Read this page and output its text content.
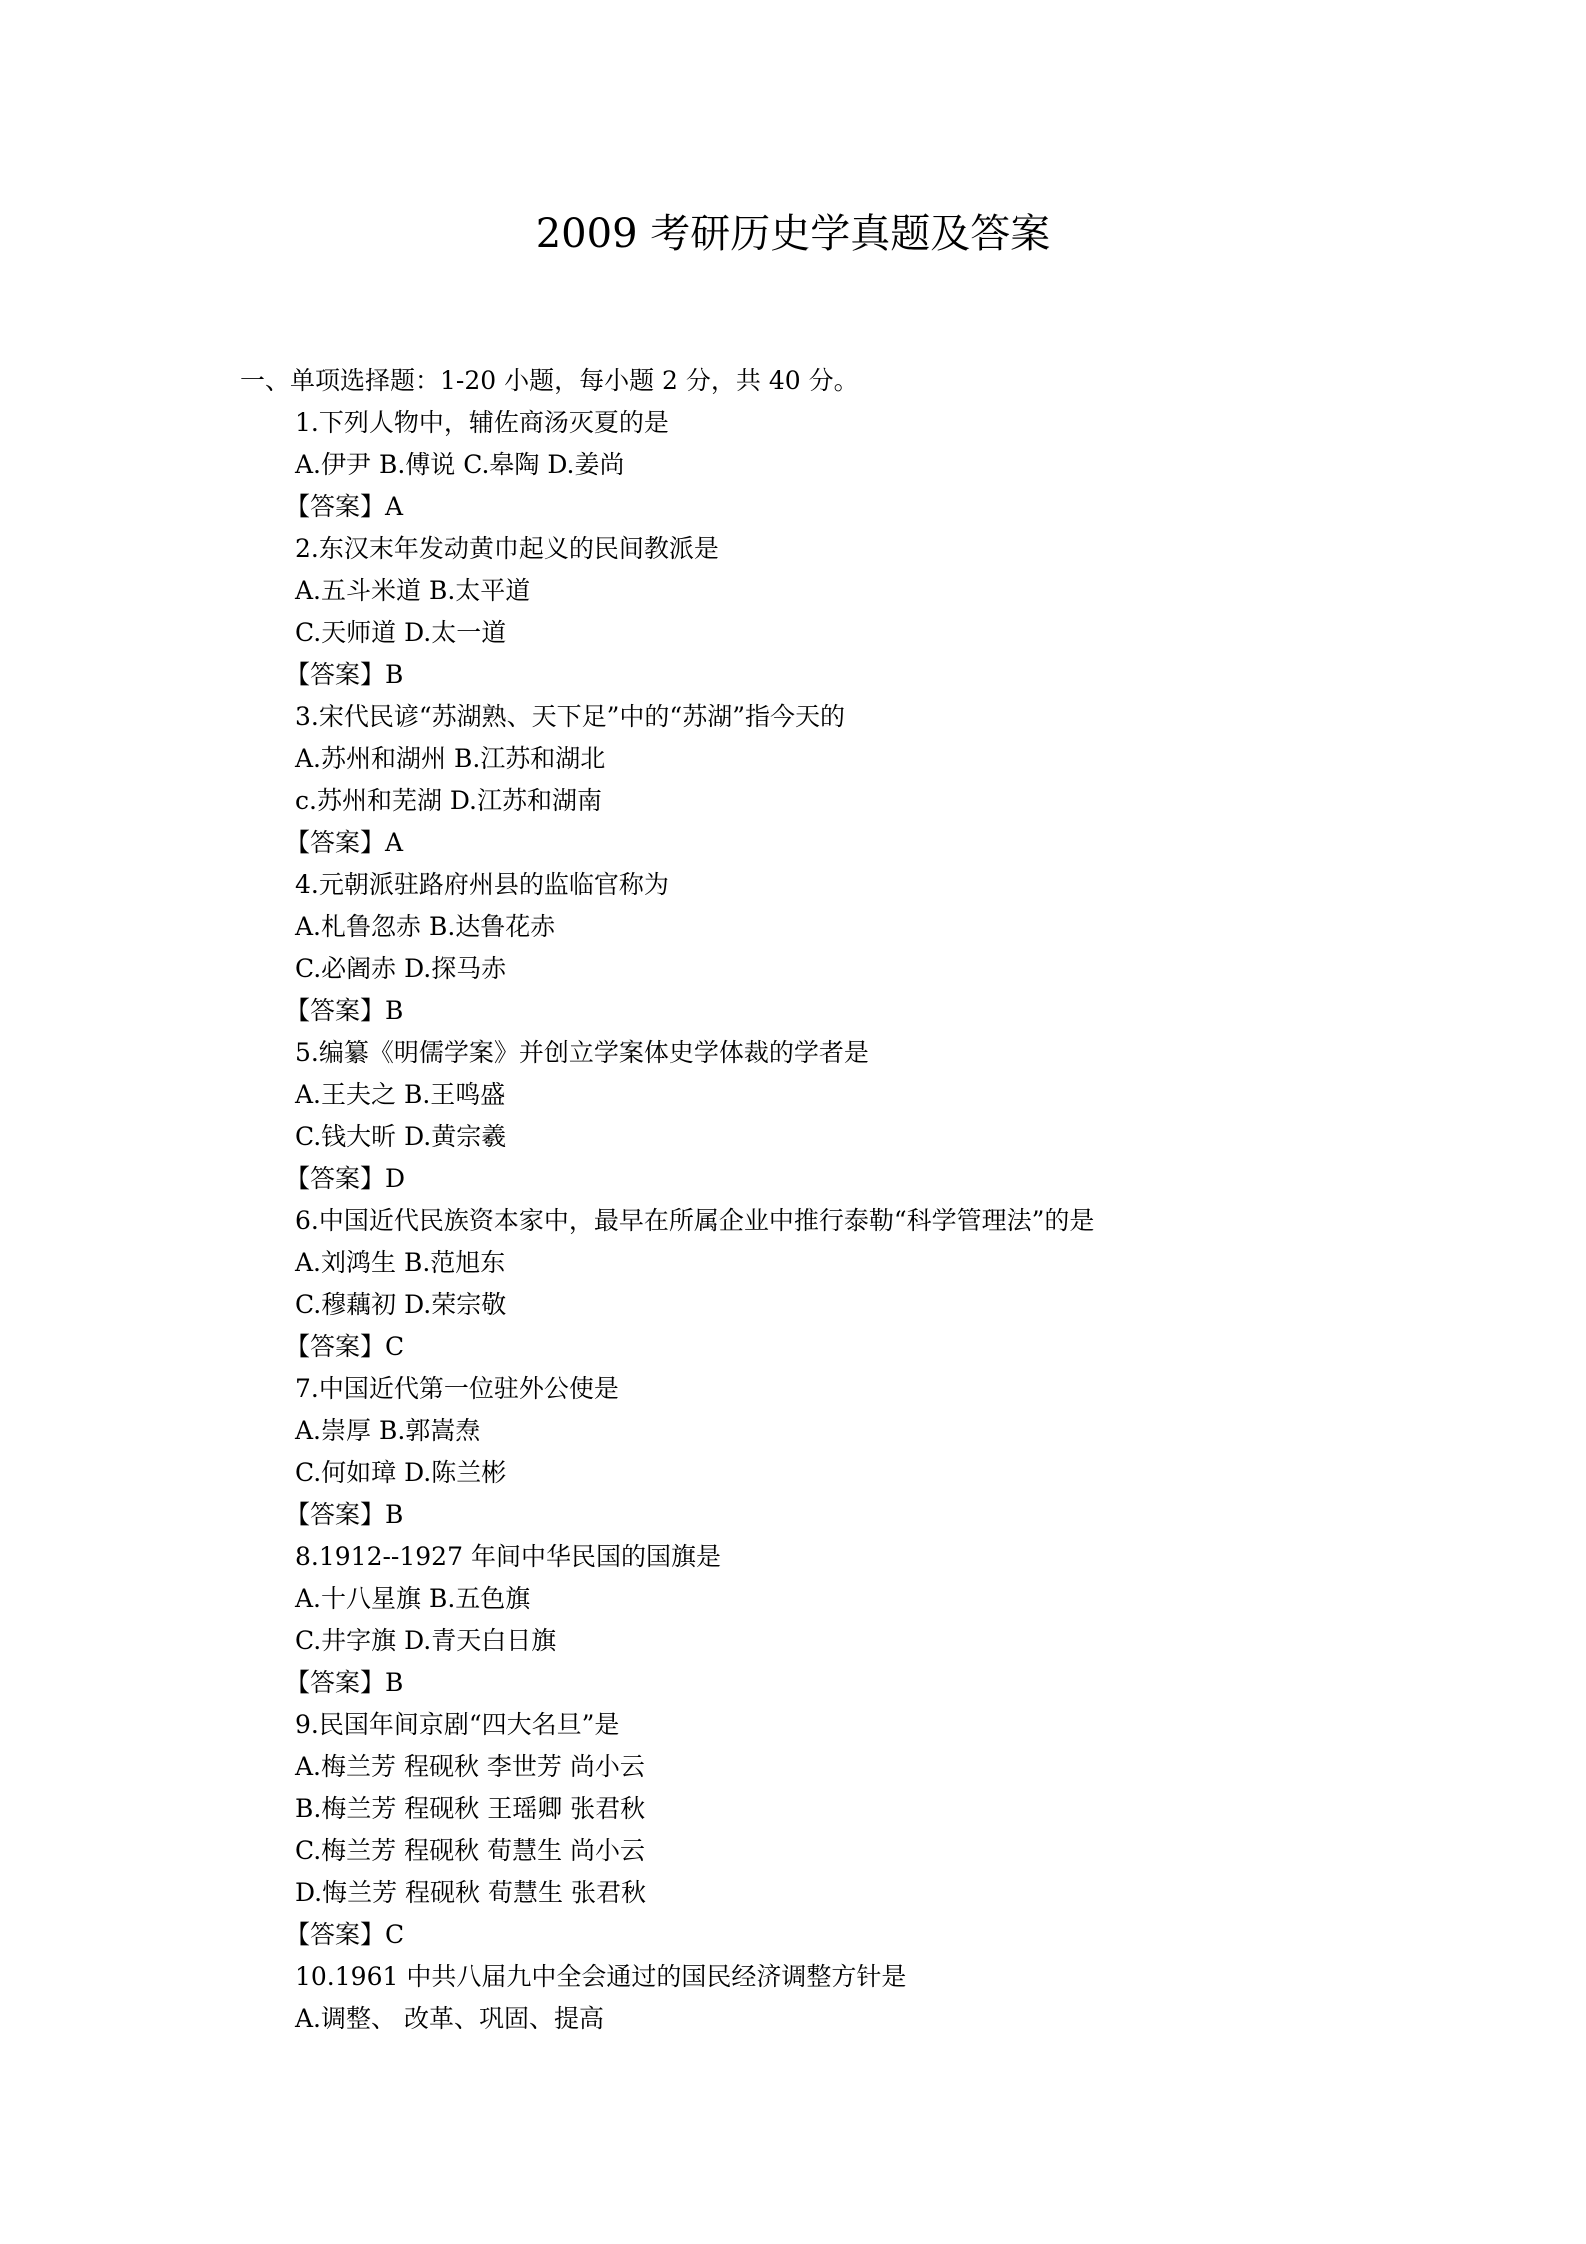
2009 考研历史学真题及答案
一、单项选择题：1-20 小题，每小题 2 分，共 40 分。
1.下列人物中，辅佐商汤灭夏的是
A.伊尹 B.傅说 C.皋陶 D.姜尚
【答案】A
2.东汉末年发动黄巾起义的民间教派是
A.五斗米道 B.太平道
C.天师道 D.太一道
【答案】B
3.宋代民谚“苏湖熟、天下足”中的“苏湖”指今天的
A.苏州和湖州 B.江苏和湖北
c.苏州和芜湖 D.江苏和湖南
【答案】A
4.元朝派驻路府州县的监临官称为
A.札鲁忽赤 B.达鲁花赤
C.必阇赤 D.探马赤
【答案】B
5.编纂《明儒学案》并创立学案体史学体裁的学者是
A.王夫之 B.王鸣盛
C.钱大昕 D.黄宗羲
【答案】D
6.中国近代民族资本家中，最早在所属企业中推行泰勒“科学管理法”的是
A.刘鸿生 B.范旭东
C.穆藕初 D.荣宗敬
【答案】C
7.中国近代第一位驻外公使是
A.崇厚 B.郭嵩焘
C.何如璋 D.陈兰彬
【答案】B
8.1912--1927 年间中华民国的国旗是
A.十八星旗 B.五色旗
C.井字旗 D.青天白日旗
【答案】B
9.民国年间京剧“四大名旦”是
A.梅兰芳 程砚秋 李世芳 尚小云
B.梅兰芳 程砚秋 王瑶卿 张君秋
C.梅兰芳 程砚秋 荀慧生 尚小云
D.悔兰芳 程砚秋 荀慧生 张君秋
【答案】C
10.1961 中共八届九中全会通过的国民经济调整方针是
A.调整、 改革、巩固、提高
